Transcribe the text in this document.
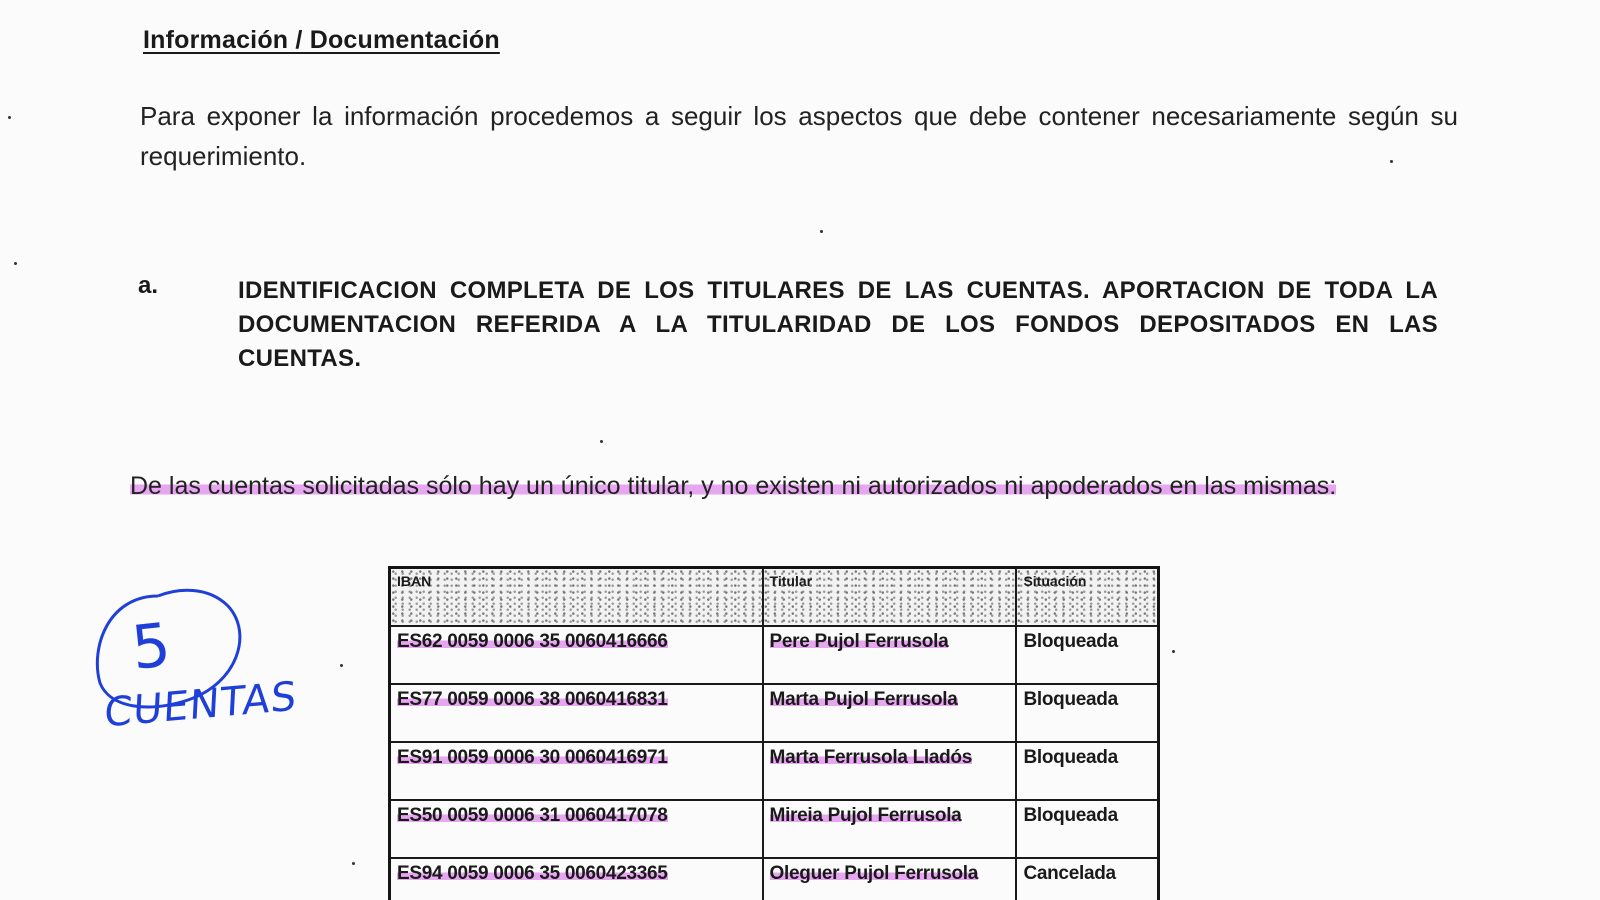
Información / Documentación
Para exponer la información procedemos a seguir los aspectos que debe contener necesariamente según su requerimiento.
a.	IDENTIFICACION COMPLETA DE LOS TITULARES DE LAS CUENTAS. APORTACION DE TODA LA DOCUMENTACION REFERIDA A LA TITULARIDAD DE LOS FONDOS DEPOSITADOS EN LAS CUENTAS.
De las cuentas solicitadas sólo hay un único titular, y no existen ni autorizados ni apoderados en las mismas:
5
CUENTAS
IBAN	Titular	Situación
ES62 0059 0006 35 0060416666	Pere Pujol Ferrusola	Bloqueada
ES77 0059 0006 38 0060416831	Marta Pujol Ferrusola	Bloqueada
ES91 0059 0006 30 0060416971	Marta Ferrusola Lladós	Bloqueada
ES50 0059 0006 31 0060417078	Mireia Pujol Ferrusola	Bloqueada
ES94 0059 0006 35 0060423365	Oleguer Pujol Ferrusola	Cancelada
